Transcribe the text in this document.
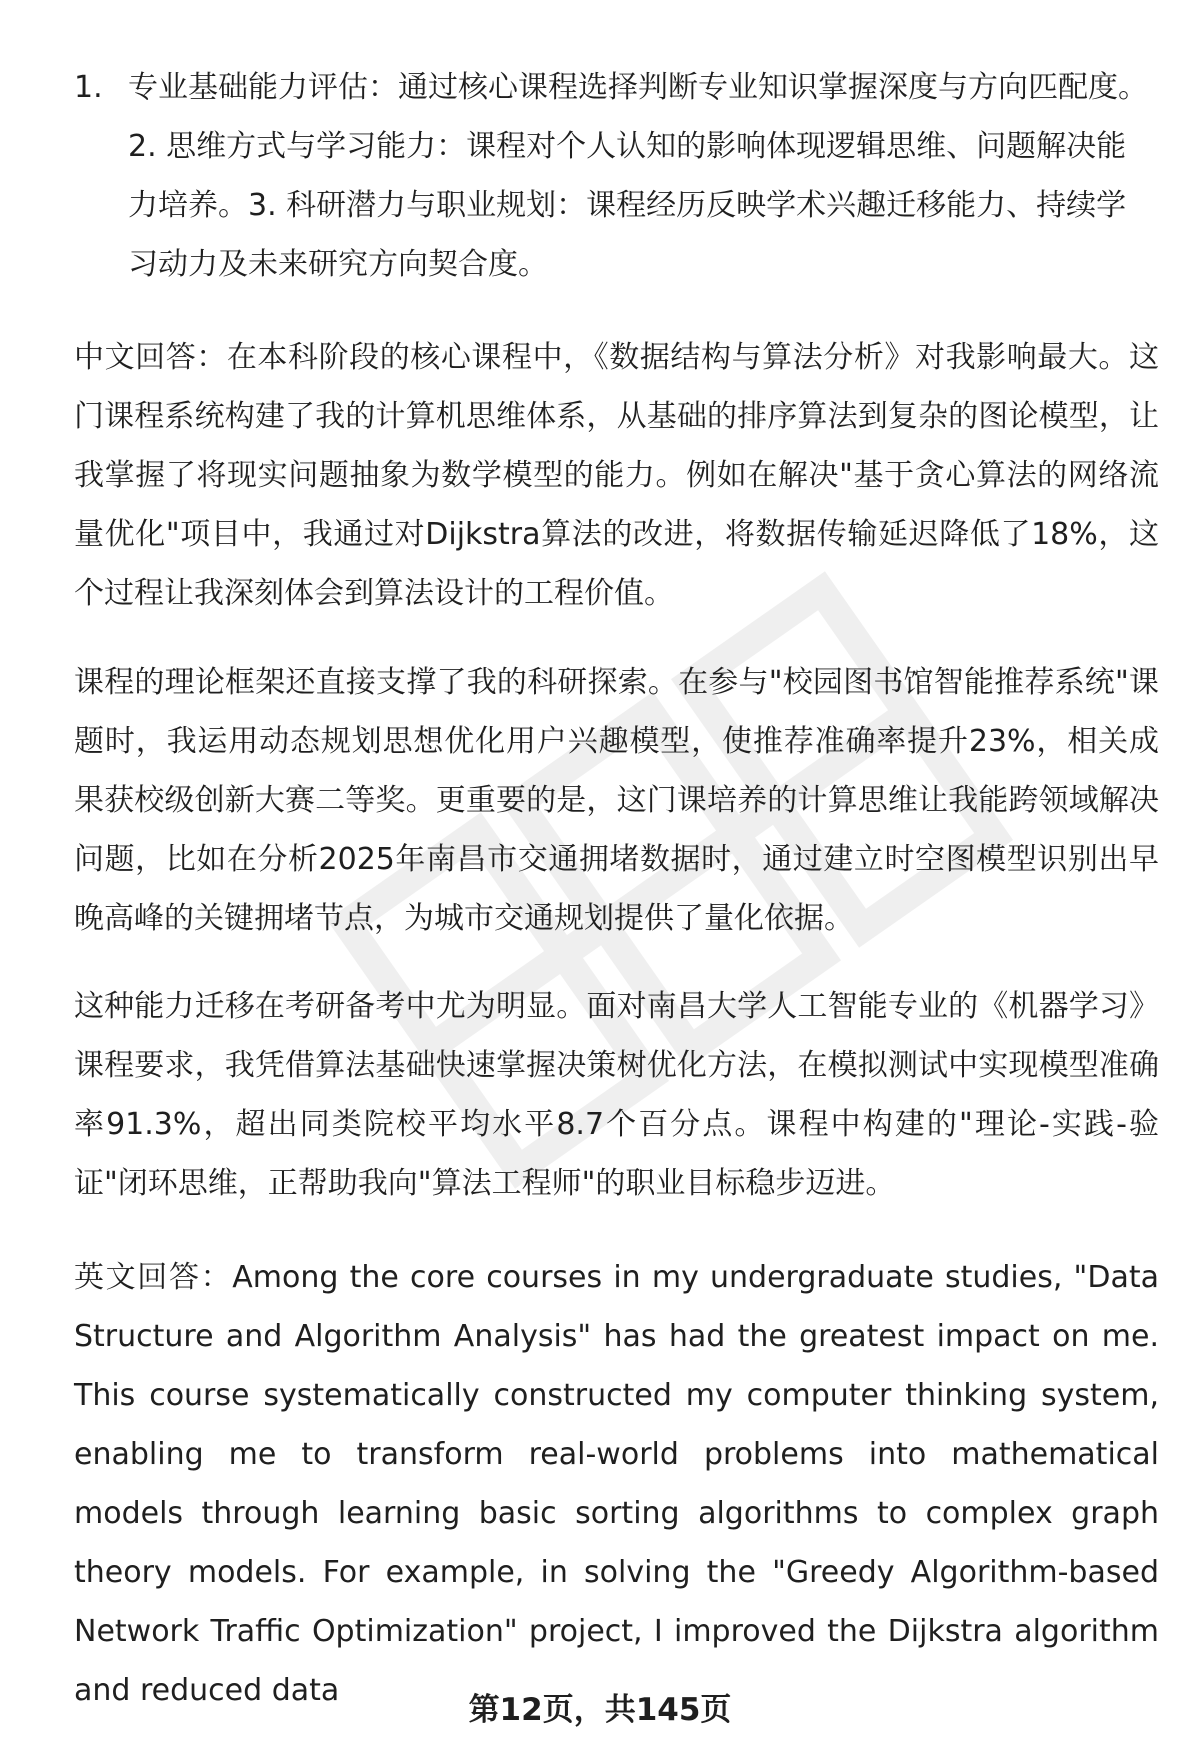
1. 专业基础能力评估：通过核心课程选择判断专业知识掌握深度与方向匹配度。 2. 思维方式与学习能力：课程对个人认知的影响体现逻辑思维、问题解决能力培养。3. 科研潜力与职业规划：课程经历反映学术兴趣迁移能力、持续学习动力及未来研究方向契合度。

中文回答：在本科阶段的核心课程中，《数据结构与算法分析》对我影响最大。这门课程系统构建了我的计算机思维体系，从基础的排序算法到复杂的图论模型，让我掌握了将现实问题抽象为数学模型的能力。例如在解决"基于贪心算法的网络流量优化"项目中，我通过对Dijkstra算法的改进，将数据传输延迟降低了18%，这个过程让我深刻体会到算法设计的工程价值。

课程的理论框架还直接支撑了我的科研探索。在参与"校园图书馆智能推荐系统"课题时，我运用动态规划思想优化用户兴趣模型，使推荐准确率提升23%，相关成果获校级创新大赛二等奖。更重要的是，这门课培养的计算思维让我能跨领域解决问题，比如在分析2025年南昌市交通拥堵数据时，通过建立时空图模型识别出早晚高峰的关键拥堵节点，为城市交通规划提供了量化依据。

这种能力迁移在考研备考中尤为明显。面对南昌大学人工智能专业的《机器学习》课程要求，我凭借算法基础快速掌握决策树优化方法，在模拟测试中实现模型准确率91.3%，超出同类院校平均水平8.7个百分点。课程中构建的"理论-实践-验证"闭环思维，正帮助我向"算法工程师"的职业目标稳步迈进。

英文回答：Among the core courses in my undergraduate studies, "Data Structure and Algorithm Analysis" has had the greatest impact on me. This course systematically constructed my computer thinking system, enabling me to transform real-world problems into mathematical models through learning basic sorting algorithms to complex graph theory models. For example, in solving the "Greedy Algorithm-based Network Traffic Optimization" project, I improved the Dijkstra algorithm and reduced data

第12页，共145页
